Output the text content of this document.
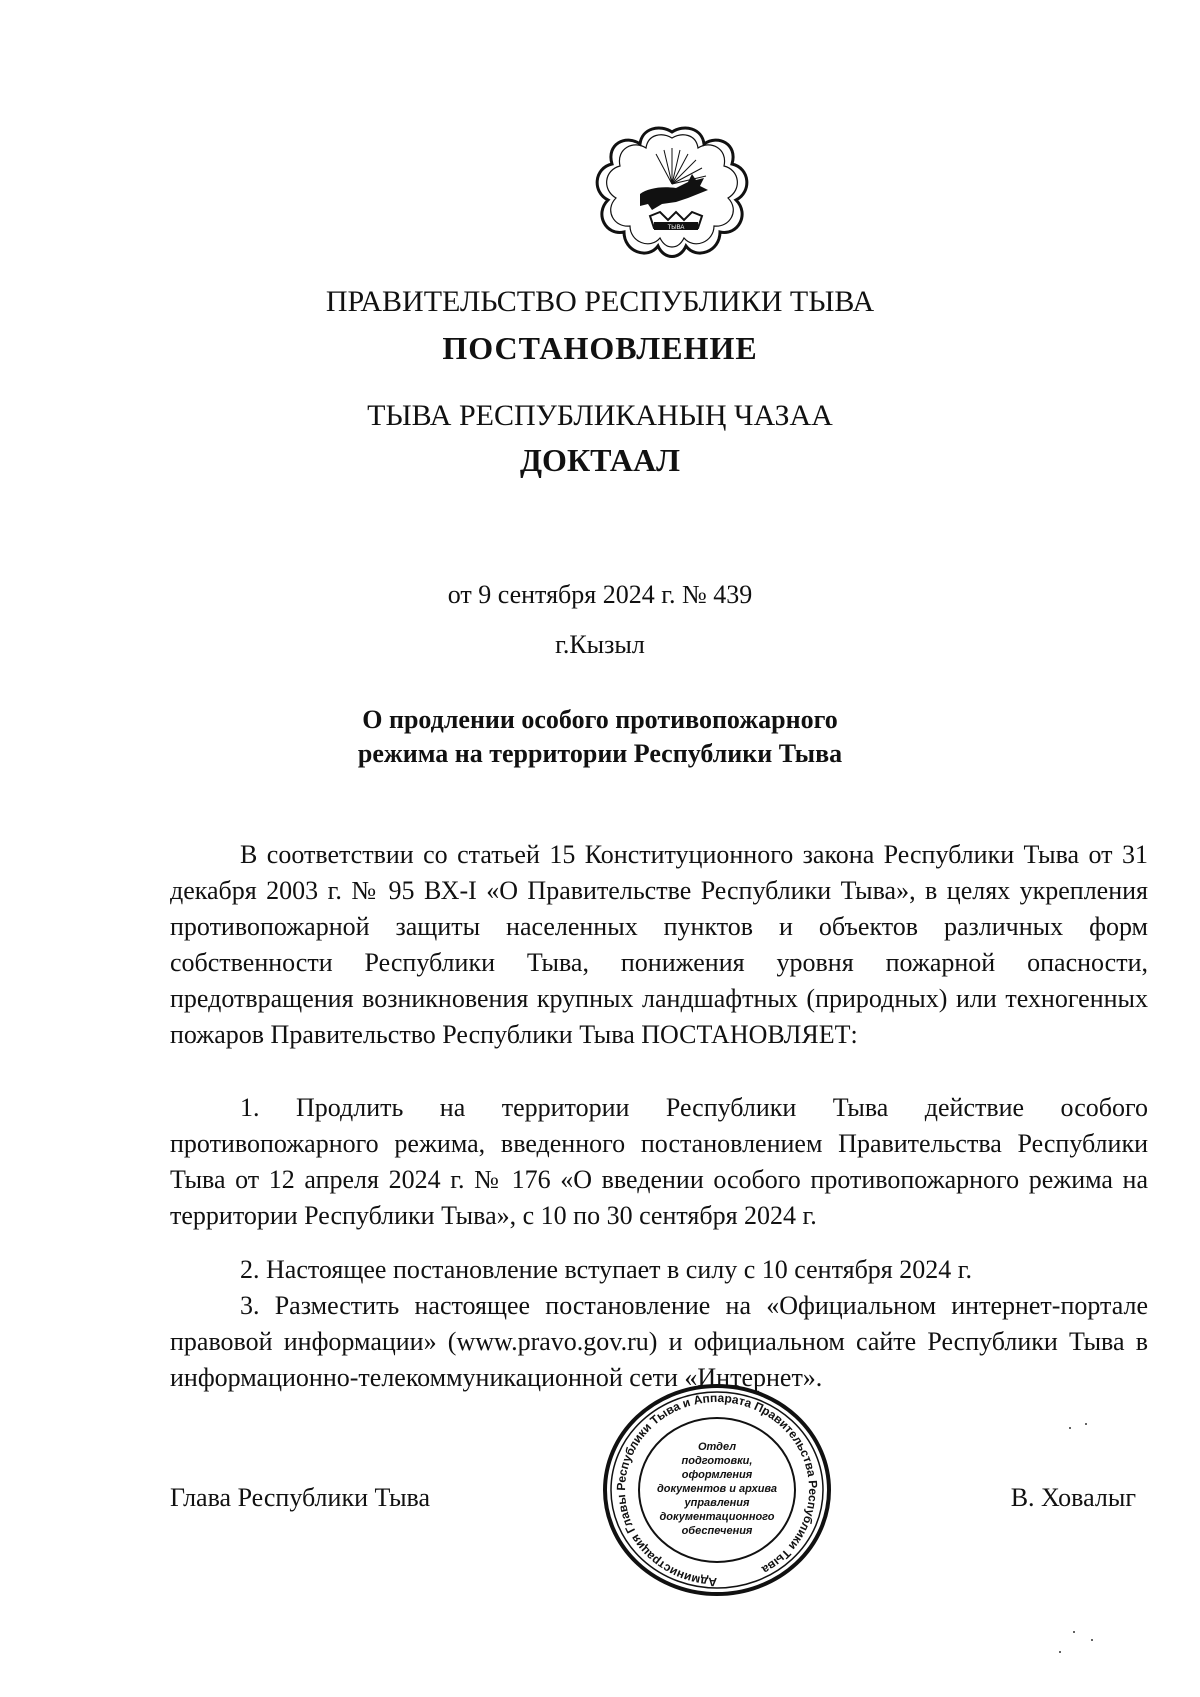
ТЫВА
ПРАВИТЕЛЬСТВО РЕСПУБЛИКИ ТЫВА
ПОСТАНОВЛЕНИЕ
ТЫВА РЕСПУБЛИКАНЫҢ ЧАЗАА
ДОКТААЛ
от 9 сентября 2024 г. № 439
г.Кызыл
О продлении особого противопожарного
режима на территории Республики Тыва

В соответствии со статьей 15 Конституционного закона Республики Тыва от 31 декабря 2003 г. № 95 ВХ-I «О Правительстве Республики Тыва», в целях укрепления противопожарной защиты населенных пунктов и объектов различных форм собственности Республики Тыва, понижения уровня пожарной опасности, предотвращения возникновения крупных ландшафтных (природных) или техногенных пожаров Правительство Республики Тыва ПОСТАНОВЛЯЕТ:

1. Продлить на территории Республики Тыва действие особого противопожарного режима, введенного постановлением Правительства Республики Тыва от 12 апреля 2024 г. № 176 «О введении особого противопожарного режима на территории Республики Тыва», с 10 по 30 сентября 2024 г.

2. Настоящее постановление вступает в силу с 10 сентября 2024 г.

3. Разместить настоящее постановление на «Официальном интернет-портале правовой информации» (www.pravo.gov.ru) и официальном сайте Республики Тыва в информационно-телекоммуникационной сети «Интернет».

Глава Республики Тыва
Администрация Главы Республики Тыва и Аппарата Правительства Республики Тыва
Отдел
подготовки,
оформления
документов и архива
управления
документационного
обеспечения
В. Ховалыг
